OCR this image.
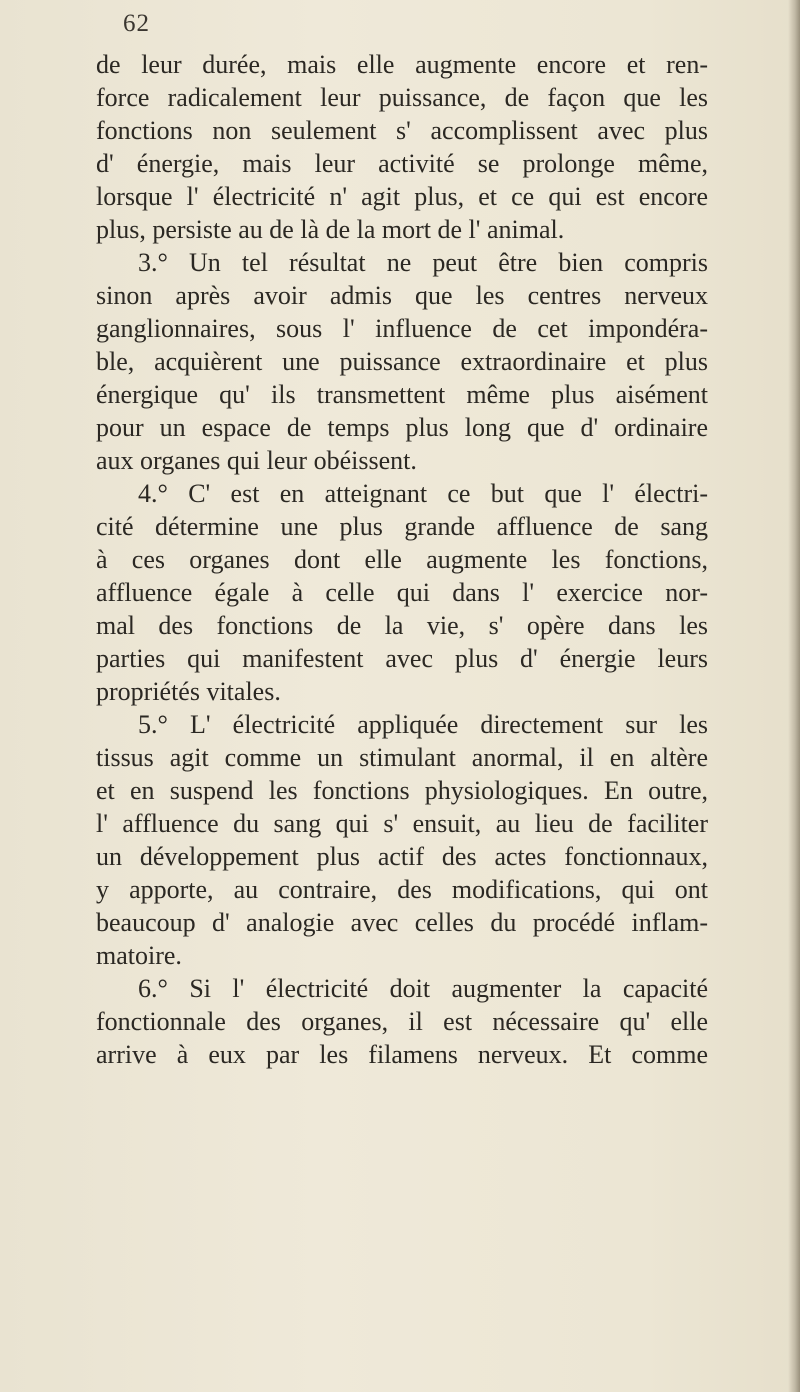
62
de leur durée, mais elle augmente encore et ren-
force radicalement leur puissance, de façon que les
fonctions non seulement s' accomplissent avec plus
d' énergie, mais leur activité se prolonge même,
lorsque l' électricité n' agit plus, et ce qui est encore
plus, persiste au de là de la mort de l' animal.
3.° Un tel résultat ne peut être bien compris
sinon après avoir admis que les centres nerveux
ganglionnaires, sous l' influence de cet impondéra-
ble, acquièrent une puissance extraordinaire et plus
énergique qu' ils transmettent même plus aisément
pour un espace de temps plus long que d' ordinaire
aux organes qui leur obéissent.
4.° C' est en atteignant ce but que l' électri-
cité détermine une plus grande affluence de sang
à ces organes dont elle augmente les fonctions,
affluence égale à celle qui dans l' exercice nor-
mal des fonctions de la vie, s' opère dans les
parties qui manifestent avec plus d' énergie leurs
propriétés vitales.
5.° L' électricité appliquée directement sur les
tissus agit comme un stimulant anormal, il en altère
et en suspend les fonctions physiologiques. En outre,
l' affluence du sang qui s' ensuit, au lieu de faciliter
un développement plus actif des actes fonctionnaux,
y apporte, au contraire, des modifications, qui ont
beaucoup d' analogie avec celles du procédé inflam-
matoire.
6.° Si l' électricité doit augmenter la capacité
fonctionnale des organes, il est nécessaire qu' elle
arrive à eux par les filamens nerveux. Et comme
